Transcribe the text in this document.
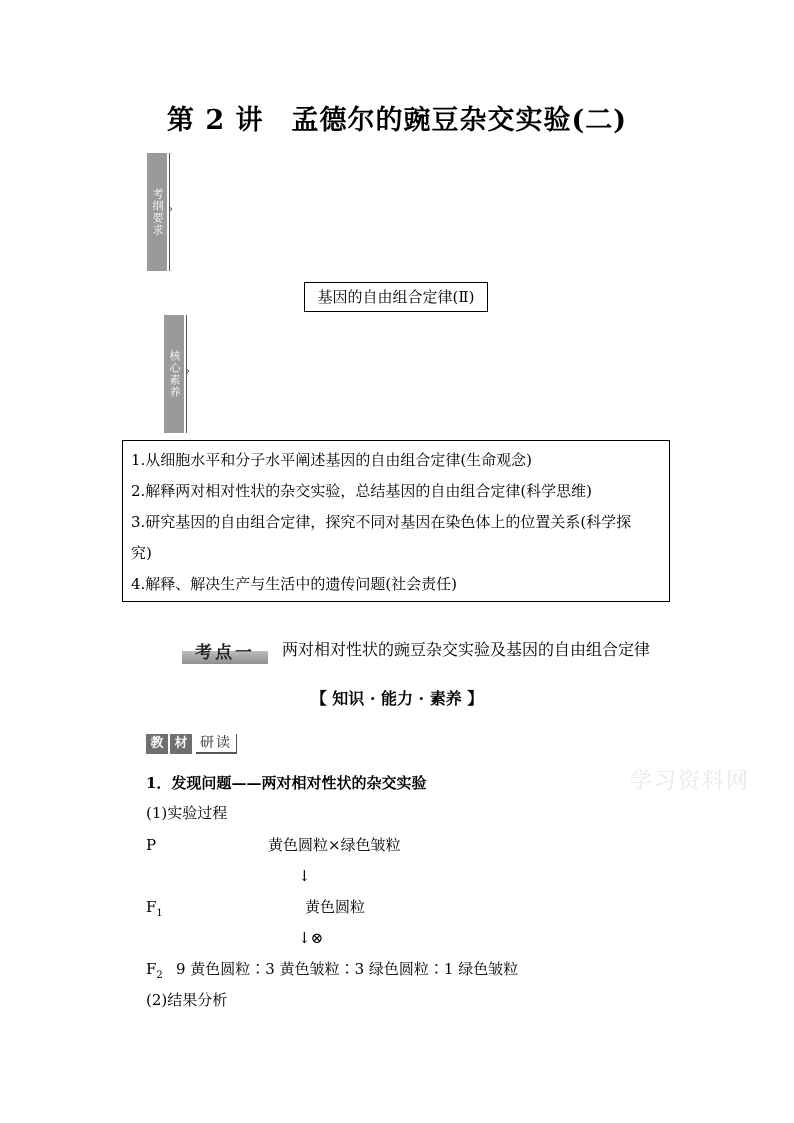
第 2 讲　孟德尔的豌豆杂交实验(二)
考纲要求 ›
基因的自由组合定律(Ⅱ)
核心素养 ›
1.从细胞水平和分子水平阐述基因的自由组合定律(生命观念)
2.解释两对相对性状的杂交实验，总结基因的自由组合定律(科学思维)
3.研究基因的自由组合定律，探究不同对基因在染色体上的位置关系(科学探
究)
4.解释、解决生产与生活中的遗传问题(社会责任)
考点一	两对相对性状的豌豆杂交实验及基因的自由组合定律
【 知识 · 能力 · 素养 】
教 材 研读
学习资料网
1．发现问题——两对相对性状的杂交实验
(1)实验过程
P	黄色圆粒×绿色皱粒
↓
$F_1$	黄色圆粒
↓⊗
$F_2$ 9 黄色圆粒∶3 黄色皱粒∶3 绿色圆粒∶1 绿色皱粒
(2)结果分析
